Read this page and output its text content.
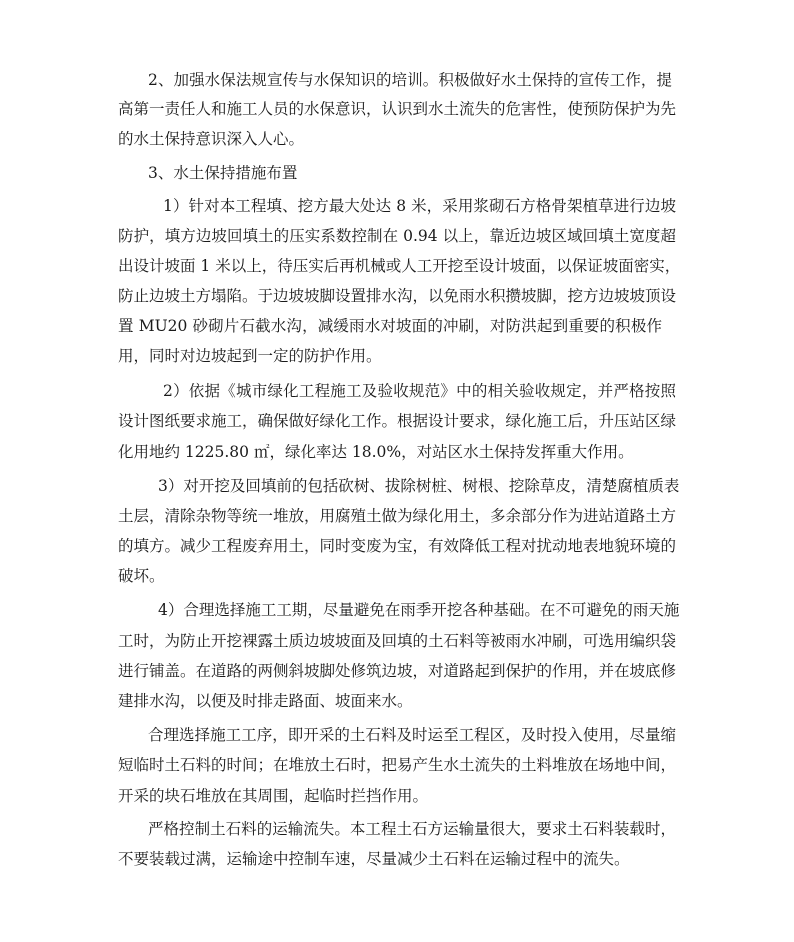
2、加强水保法规宣传与水保知识的培训。积极做好水土保持的宣传工作，提

高第一责任人和施工人员的水保意识，认识到水土流失的危害性，使预防保护为先

的水土保持意识深入人心。

3、水土保持措施布置

1）针对本工程填、挖方最大处达 8 米，采用浆砌石方格骨架植草进行边坡

防护，填方边坡回填土的压实系数控制在 0.94 以上，靠近边坡区域回填土宽度超

出设计坡面 1 米以上，待压实后再机械或人工开挖至设计坡面，以保证坡面密实，

防止边坡土方塌陷。于边坡坡脚设置排水沟，以免雨水积攒坡脚，挖方边坡坡顶设

置 MU20 砂砌片石截水沟，减缓雨水对坡面的冲刷，对防洪起到重要的积极作

用，同时对边坡起到一定的防护作用。

2）依据《城市绿化工程施工及验收规范》中的相关验收规定，并严格按照

设计图纸要求施工，确保做好绿化工作。根据设计要求，绿化施工后，升压站区绿

化用地约 1225.80 ㎡，绿化率达 18.0%，对站区水土保持发挥重大作用。

3）对开挖及回填前的包括砍树、拔除树桩、树根、挖除草皮，清楚腐植质表

土层，清除杂物等统一堆放，用腐殖土做为绿化用土，多余部分作为进站道路土方

的填方。减少工程废弃用土，同时变废为宝，有效降低工程对扰动地表地貌环境的

破坏。

4）合理选择施工工期，尽量避免在雨季开挖各种基础。在不可避免的雨天施

工时，为防止开挖裸露土质边坡坡面及回填的土石料等被雨水冲刷，可选用编织袋

进行铺盖。在道路的两侧斜坡脚处修筑边坡，对道路起到保护的作用，并在坡底修

建排水沟，以便及时排走路面、坡面来水。

合理选择施工工序，即开采的土石料及时运至工程区，及时投入使用，尽量缩

短临时土石料的时间；在堆放土石时，把易产生水土流失的土料堆放在场地中间，

开采的块石堆放在其周围，起临时拦挡作用。

严格控制土石料的运输流失。本工程土石方运输量很大，要求土石料装载时，

不要装载过满，运输途中控制车速，尽量减少土石料在运输过程中的流失。
